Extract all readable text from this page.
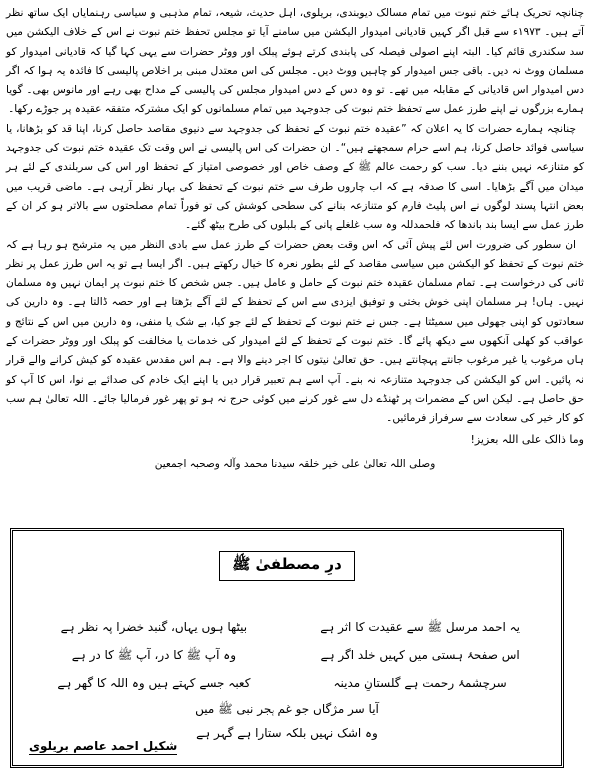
چنانچہ تحریک ہائے ختم نبوت میں تمام مسالک دیوبندی، بریلوی، اہل حدیث، شیعہ، تمام مذہبی و سیاسی رہنمایاں ایک ساتھ نظر آتے ہیں۔ ۱۹۷۳ء سے قبل اگر کہیں قادیانی امیدوار الیکشن میں سامنے آیا تو مجلس تحفظ ختم نبوت نے اس کے خلاف الیکشن میں سد سکندری قائم کیا۔ البتہ اپنے اصولی فیصلہ کی پابندی کرتے ہوئے پبلک اور ووٹر حضرات سے یہی کہا گیا کہ قادیانی امیدوار کو مسلمان ووٹ نہ دیں۔ باقی جس امیدوار کو چاہیں ووٹ دیں۔ مجلس کی اس معتدل مبنی بر اخلاص پالیسی کا فائدہ یہ ہوا کہ اگر دس امیدوار اس قادیانی کے مقابلہ میں تھے۔ تو وہ دس کے دس امیدوار مجلس کی پالیسی کے مداح بھی رہے اور مانوس بھی۔ گویا ہمارے بزرگوں نے اپنے طرز عمل سے تحفظ ختم نبوت کی جدوجہد میں تمام مسلمانوں کو ایک مشترکہ متفقہ عقیدہ پر جوڑے رکھا۔

چنانچہ ہمارے حضرات کا یہ اعلان کہ ”عقیدہ ختم نبوت کے تحفظ کی جدوجہد سے دنیوی مقاصد حاصل کرنا، اپنا قد کو بڑھانا، یا سیاسی فوائد حاصل کرنا، ہم اسے حرام سمجھتے ہیں“۔ ان حضرات کی اس پالیسی نے اس وقت تک عقیدہ ختم نبوت کی جدوجہد کو متنازعہ نہیں بننے دیا۔ سب کو رحمت عالم ﷺ کے وصف خاص اور خصوصی امتیاز کے تحفظ اور اس کی سربلندی کے لئے ہر میدان میں آگے بڑھایا۔ اسی کا صدقہ ہے کہ اب چاروں طرف سے ختم نبوت کے تحفظ کی بہار نظر آرہی ہے۔ ماضی قریب میں بعض انتہا پسند لوگوں نے اس پلیٹ فارم کو متنازعہ بنانے کی سطحی کوشش کی تو فوراً تمام مصلحتوں سے بالاتر ہو کر ان کے طرز عمل سے ایسا بند باندھا کہ فلحمدللہ وہ سب غلغلے پانی کے بلبلوں کی طرح بیٹھ گئے۔

ان سطور کی ضرورت اس لئے پیش آئی کہ اس وقت بعض حضرات کے طرز عمل سے بادی النظر میں یہ مترشح ہو رہا ہے کہ ختم نبوت کے تحفظ کو الیکشن میں سیاسی مقاصد کے لئے بطور نعرہ کا خیال رکھتے ہیں۔ اگر ایسا ہے تو یہ اس طرز عمل پر نظر ثانی کی درخواست ہے۔ تمام مسلمان عقیدہ ختم نبوت کے حامل و عامل ہیں۔ جس شخص کا ختم نبوت پر ایمان نہیں وہ مسلمان نہیں۔ ہاں! ہر مسلمان اپنی خوش بختی و توفیق ایزدی سے اس کے تحفظ کے لئے آگے بڑھتا ہے اور حصہ ڈالتا ہے۔ وہ دارین کی سعادتوں کو اپنی جھولی میں سمیٹتا ہے۔ جس نے ختم نبوت کے تحفظ کے لئے جو کیا، بے شک یا منفی، وہ دارین میں اس کے نتائج و عواقب کو کھلی آنکھوں سے دیکھ پائے گا۔ ختم نبوت کے تحفظ کے لئے امیدوار کی خدمات یا مخالفت کو پبلک اور ووٹر حضرات کے ہاں مرغوب یا غیر مرغوب جانتے پہچانتے ہیں۔ حق تعالیٰ نیتوں کا اجر دینے والا ہے۔ ہم اس مقدس عقیدہ کو کیش کرانے والے قرار نہ پائیں۔ اس کو الیکشن کی جدوجہد متنازعہ نہ بنے۔ آپ اسے ہم تعبیر قرار دیں یا اپنے ایک خادم کی صدائے بے نوا، اس کا آپ کو حق حاصل ہے۔ لیکن اس کے مضمرات پر ٹھنڈے دل سے غور کرنے میں کوئی حرج نہ ہو تو پھر غور فرمالیا جائے۔ اللہ تعالیٰ ہم سب کو کار خیر کی سعادت سے سرفراز فرمائیں۔

وما ذالک علی اللہ بعزیز!
وصلی اللہ تعالیٰ علی خیر خلقہ سیدنا محمد وآلہ وصحبہ اجمعین
درِ مصطفیٰ ﷺ
یہ احمد مرسل ﷺ سے عقیدت کا اثر ہے
بیٹھا ہوں یہاں، گنبد خضرا پہ نظر ہے
اس صفحۂ ہستی میں کہیں خلد اگر ہے
وہ آپ ﷺ کا در، آپ ﷺ کا در ہے
سرچشمۂ رحمت ہے گلستانِ مدینہ
کعبہ جسے کہتے ہیں وہ اللہ کا گھر ہے
آیا سر مژگاں جو غم ہجر نبی ﷺ میں
وہ اشک نہیں بلکہ ستارا ہے گہر ہے
شکیل احمد عاصم بریلوی
